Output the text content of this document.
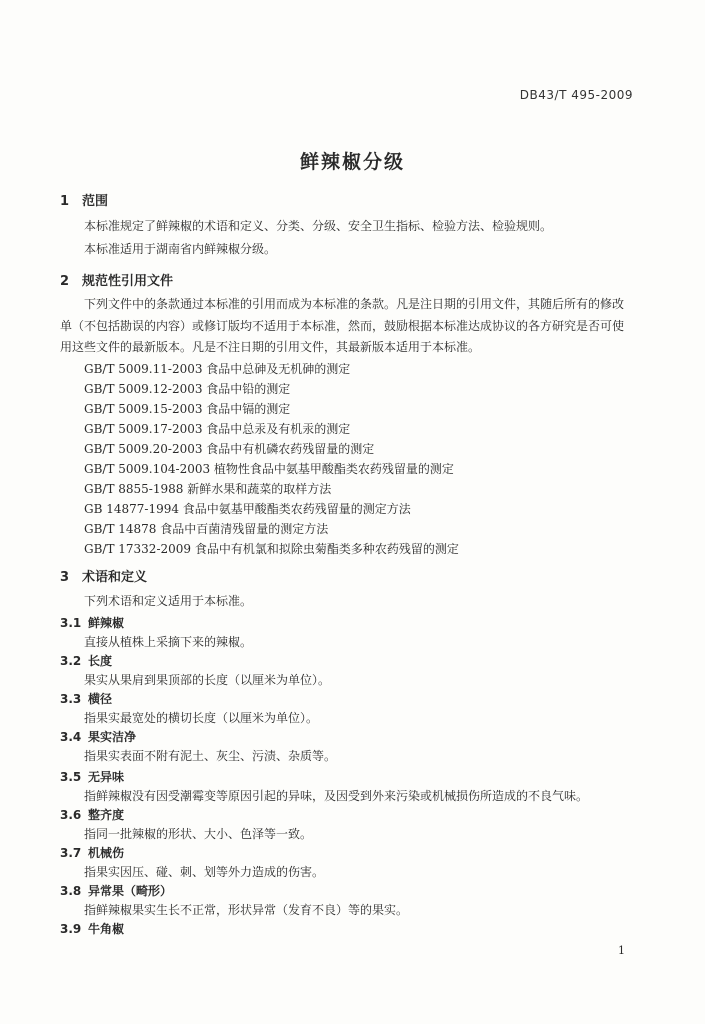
DB43/T 495-2009
鲜辣椒分级
1 范围
本标准规定了鲜辣椒的术语和定义、分类、分级、安全卫生指标、检验方法、检验规则。
本标准适用于湖南省内鲜辣椒分级。
2 规范性引用文件

下列文件中的条款通过本标准的引用而成为本标准的条款。凡是注日期的引用文件，其随后所有的修改单（不包括勘误的内容）或修订版均不适用于本标准，然而，鼓励根据本标准达成协议的各方研究是否可使用这些文件的最新版本。凡是不注日期的引用文件，其最新版本适用于本标准。

GB/T 5009.11-2003 食品中总砷及无机砷的测定
GB/T 5009.12-2003 食品中铅的测定
GB/T 5009.15-2003 食品中镉的测定
GB/T 5009.17-2003 食品中总汞及有机汞的测定
GB/T 5009.20-2003 食品中有机磷农药残留量的测定
GB/T 5009.104-2003 植物性食品中氨基甲酸酯类农药残留量的测定
GB/T 8855-1988 新鲜水果和蔬菜的取样方法
GB 14877-1994 食品中氨基甲酸酯类农药残留量的测定方法
GB/T 14878 食品中百菌清残留量的测定方法
GB/T 17332-2009 食品中有机氯和拟除虫菊酯类多种农药残留的测定
3 术语和定义
下列术语和定义适用于本标准。
3.1 鲜辣椒
直接从植株上采摘下来的辣椒。
3.2 长度
果实从果肩到果顶部的长度（以厘米为单位）。
3.3 横径
指果实最宽处的横切长度（以厘米为单位）。
3.4 果实洁净
指果实表面不附有泥土、灰尘、污渍、杂质等。
3.5 无异味
指鲜辣椒没有因受潮霉变等原因引起的异味，及因受到外来污染或机械损伤所造成的不良气味。
3.6 整齐度
指同一批辣椒的形状、大小、色泽等一致。
3.7 机械伤
指果实因压、碰、刺、划等外力造成的伤害。
3.8 异常果（畸形）
指鲜辣椒果实生长不正常，形状异常（发育不良）等的果实。
3.9 牛角椒
1
